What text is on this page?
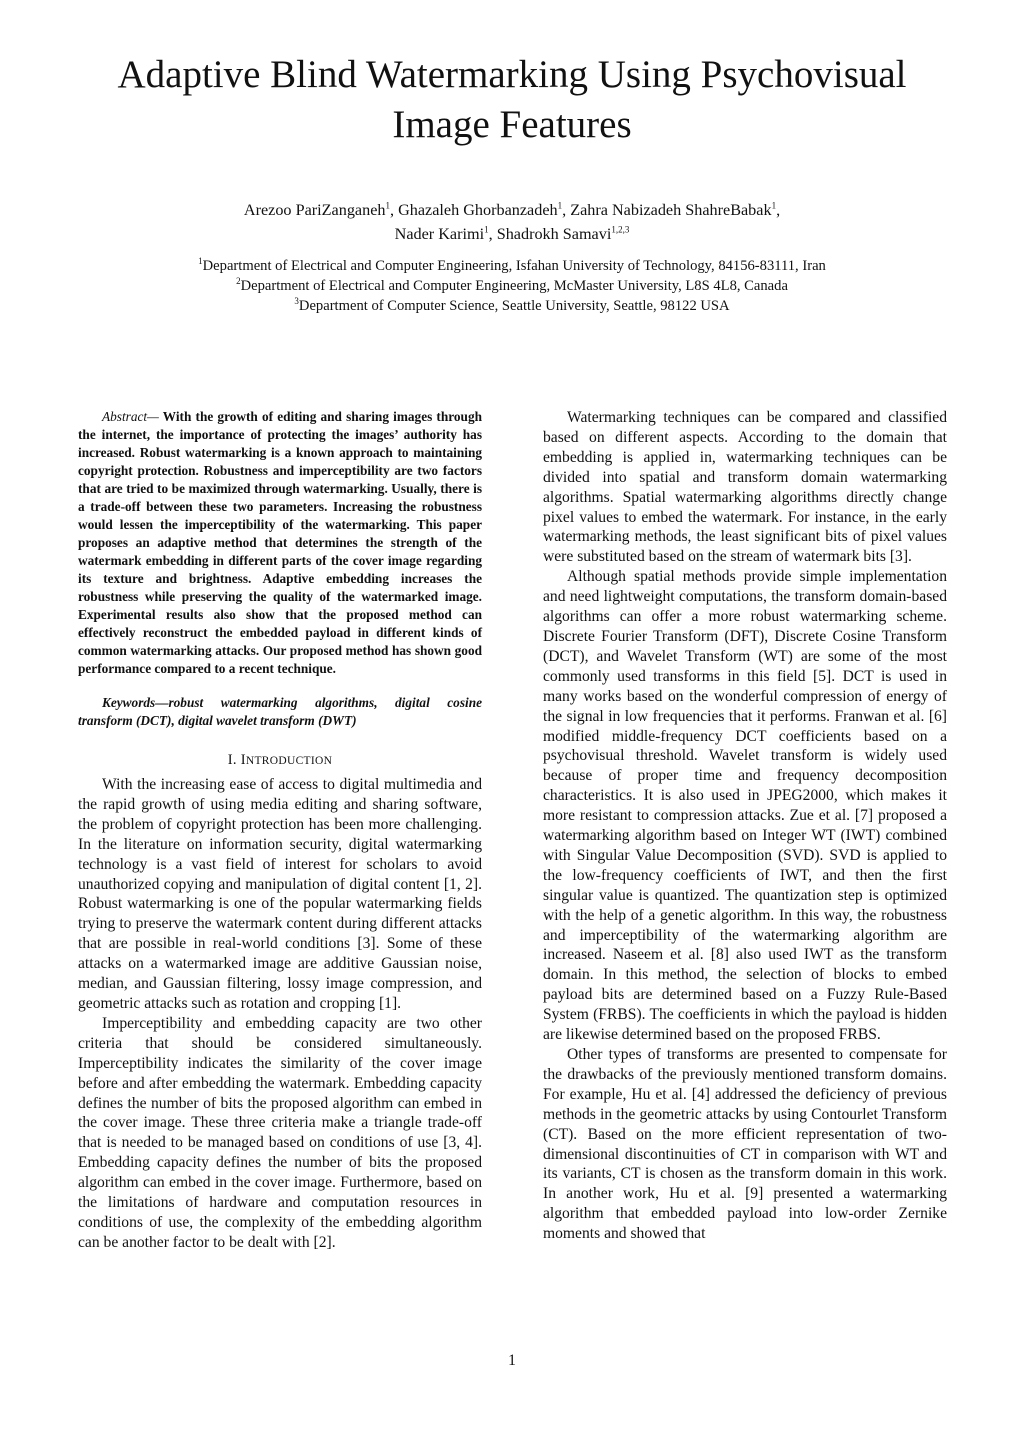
Adaptive Blind Watermarking Using Psychovisual
Image Features
Arezoo PariZanganeh$^1$, Ghazaleh Ghorbanzadeh$^1$, Zahra Nabizadeh ShahreBabak$^1$,
Nader Karimi$^1$, Shadrokh Samavi$^{1,2,3}$
$^1$Department of Electrical and Computer Engineering, Isfahan University of Technology, 84156-83111, Iran
$^2$Department of Electrical and Computer Engineering, McMaster University, L8S 4L8, Canada
$^3$Department of Computer Science, Seattle University, Seattle, 98122 USA

Abstract— With the growth of editing and sharing images through the internet, the importance of protecting the images’ authority has increased. Robust watermarking is a known approach to maintaining copyright protection. Robustness and imperceptibility are two factors that are tried to be maximized through watermarking. Usually, there is a trade-off between these two parameters. Increasing the robustness would lessen the imperceptibility of the watermarking. This paper proposes an adaptive method that determines the strength of the watermark embedding in different parts of the cover image regarding its texture and brightness. Adaptive embedding increases the robustness while preserving the quality of the watermarked image. Experimental results also show that the proposed method can effectively reconstruct the embedded payload in different kinds of common watermarking attacks. Our proposed method has shown good performance compared to a recent technique.

Keywords—robust watermarking algorithms, digital cosine transform (DCT), digital wavelet transform (DWT)

I. INTRODUCTION

With the increasing ease of access to digital multimedia and the rapid growth of using media editing and sharing software, the problem of copyright protection has been more challenging. In the literature on information security, digital watermarking technology is a vast field of interest for scholars to avoid unauthorized copying and manipulation of digital content [1, 2]. Robust watermarking is one of the popular watermarking fields trying to preserve the watermark content during different attacks that are possible in real-world conditions [3]. Some of these attacks on a watermarked image are additive Gaussian noise, median, and Gaussian filtering, lossy image compression, and geometric attacks such as rotation and cropping [1].

Imperceptibility and embedding capacity are two other criteria that should be considered simultaneously. Imperceptibility indicates the similarity of the cover image before and after embedding the watermark. Embedding capacity defines the number of bits the proposed algorithm can embed in the cover image. These three criteria make a triangle trade-off that is needed to be managed based on conditions of use [3, 4]. Embedding capacity defines the number of bits the proposed algorithm can embed in the cover image. Furthermore, based on the limitations of hardware and computation resources in conditions of use, the complexity of the embedding algorithm can be another factor to be dealt with [2].

Watermarking techniques can be compared and classified based on different aspects. According to the domain that embedding is applied in, watermarking techniques can be divided into spatial and transform domain watermarking algorithms. Spatial watermarking algorithms directly change pixel values to embed the watermark. For instance, in the early watermarking methods, the least significant bits of pixel values were substituted based on the stream of watermark bits [3].

Although spatial methods provide simple implementation and need lightweight computations, the transform domain-based algorithms can offer a more robust watermarking scheme. Discrete Fourier Transform (DFT), Discrete Cosine Transform (DCT), and Wavelet Transform (WT) are some of the most commonly used transforms in this field [5]. DCT is used in many works based on the wonderful compression of energy of the signal in low frequencies that it performs. Franwan et al. [6] modified middle-frequency DCT coefficients based on a psychovisual threshold. Wavelet transform is widely used because of proper time and frequency decomposition characteristics. It is also used in JPEG2000, which makes it more resistant to compression attacks. Zue et al. [7] proposed a watermarking algorithm based on Integer WT (IWT) combined with Singular Value Decomposition (SVD). SVD is applied to the low-frequency coefficients of IWT, and then the first singular value is quantized. The quantization step is optimized with the help of a genetic algorithm. In this way, the robustness and imperceptibility of the watermarking algorithm are increased. Naseem et al. [8] also used IWT as the transform domain. In this method, the selection of blocks to embed payload bits are determined based on a Fuzzy Rule-Based System (FRBS). The coefficients in which the payload is hidden are likewise determined based on the proposed FRBS.

Other types of transforms are presented to compensate for the drawbacks of the previously mentioned transform domains. For example, Hu et al. [4] addressed the deficiency of previous methods in the geometric attacks by using Contourlet Transform (CT). Based on the more efficient representation of two-dimensional discontinuities of CT in comparison with WT and its variants, CT is chosen as the transform domain in this work. In another work, Hu et al. [9] presented a watermarking algorithm that embedded payload into low-order Zernike moments and showed that

1
